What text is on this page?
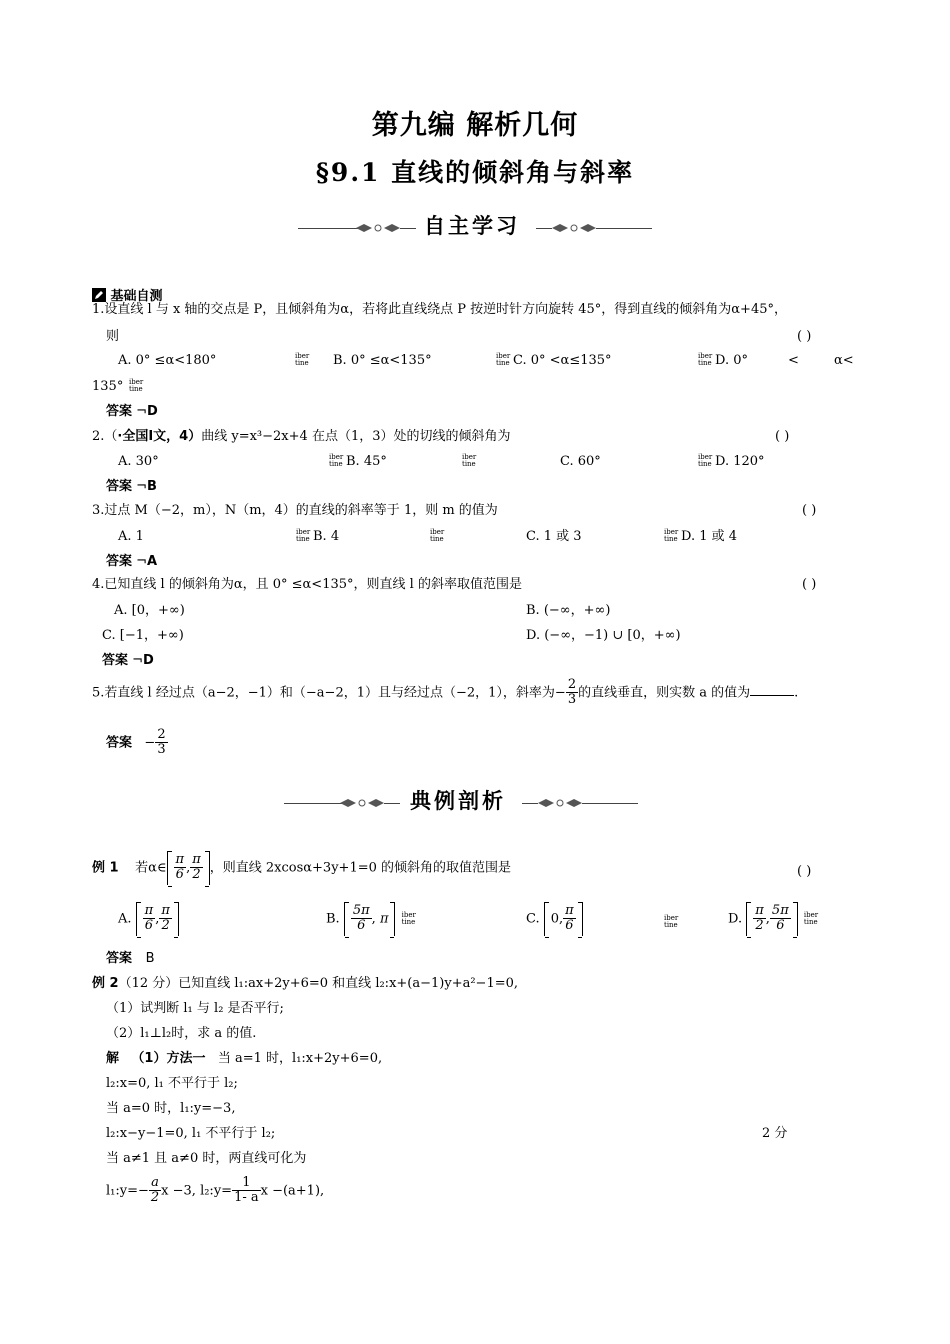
第九编 解析几何
§9.1 直线的倾斜角与斜率
自主学习
基础自测
1.设直线 l 与 x 轴的交点是 P，且倾斜角为α，若将此直线绕点 P 按逆时针方向旋转 45°，得到直线的倾斜角为α+45°，
则	( )
A. 0° ≤α<180°	iber
tine B. 0° ≤α<135°	iber
tine C. 0° <α≤135°	iber
tine D. 0°	<	α<
135° iber
tine
答案 ¬D
2.（·全国Ⅰ文，4）曲线 y=x³−2x+4 在点（1，3）处的切线的倾斜角为	( )
A. 30°	iber
tine B. 45°	iber
tine	C. 60°	iber
tine D. 120°
答案 ¬B
3.过点 M（−2，m），N（m，4）的直线的斜率等于 1，则 m 的值为	( )
A. 1	iber
tine B. 4	iber
tine	C. 1 或 3	iber
tine D. 1 或 4
答案 ¬A
4.已知直线 l 的倾斜角为α，且 0° ≤α<135°，则直线 l 的斜率取值范围是	( )
A. [0，+∞)	B. (−∞，+∞)
C. [−1，+∞)	D. (−∞，−1) ∪ [0，+∞)
答案 ¬D
5.若直线 l 经过点（a−2，−1）和（−a−2，1）且与经过点（−2，1），斜率为− $\frac{2}{3}$ 的直线垂直，则实数 a 的值为	.
答案 − $\frac{2}{3}$
典例剖析
例 1 若α∈ $\frac{\pi}{6}$ , $\frac{\pi}{2}$ ，则直线 2xcosα+3y+1=0 的倾斜角的取值范围是	( )
A. $\frac{\pi}{6}$ , $\frac{\pi}{2}$	B. $\frac{5\pi}{6}$ , π iber
tine	C. 0, $\frac{\pi}{6}$	iber
tine	D. $\frac{\pi}{2}$ , $\frac{5\pi}{6}$ iber
tine
答案 B
例 2（12 分）已知直线 l₁:ax+2y+6=0 和直线 l₂:x+(a−1)y+a²−1=0,
（1）试判断 l₁ 与 l₂ 是否平行;
（2）l₁⊥l₂时，求 a 的值.
解 （1）方法一 当 a=1 时，l₁:x+2y+6=0,
l₂:x=0, l₁ 不平行于 l₂;
当 a=0 时，l₁:y=−3,
l₂:x−y−1=0, l₁ 不平行于 l₂;	2 分
当 a≠1 且 a≠0 时，两直线可化为
l₁:y=− $\frac{a}{2}$ x −3, l₂:y= $\frac{1}{1- a}$ x −(a+1),
